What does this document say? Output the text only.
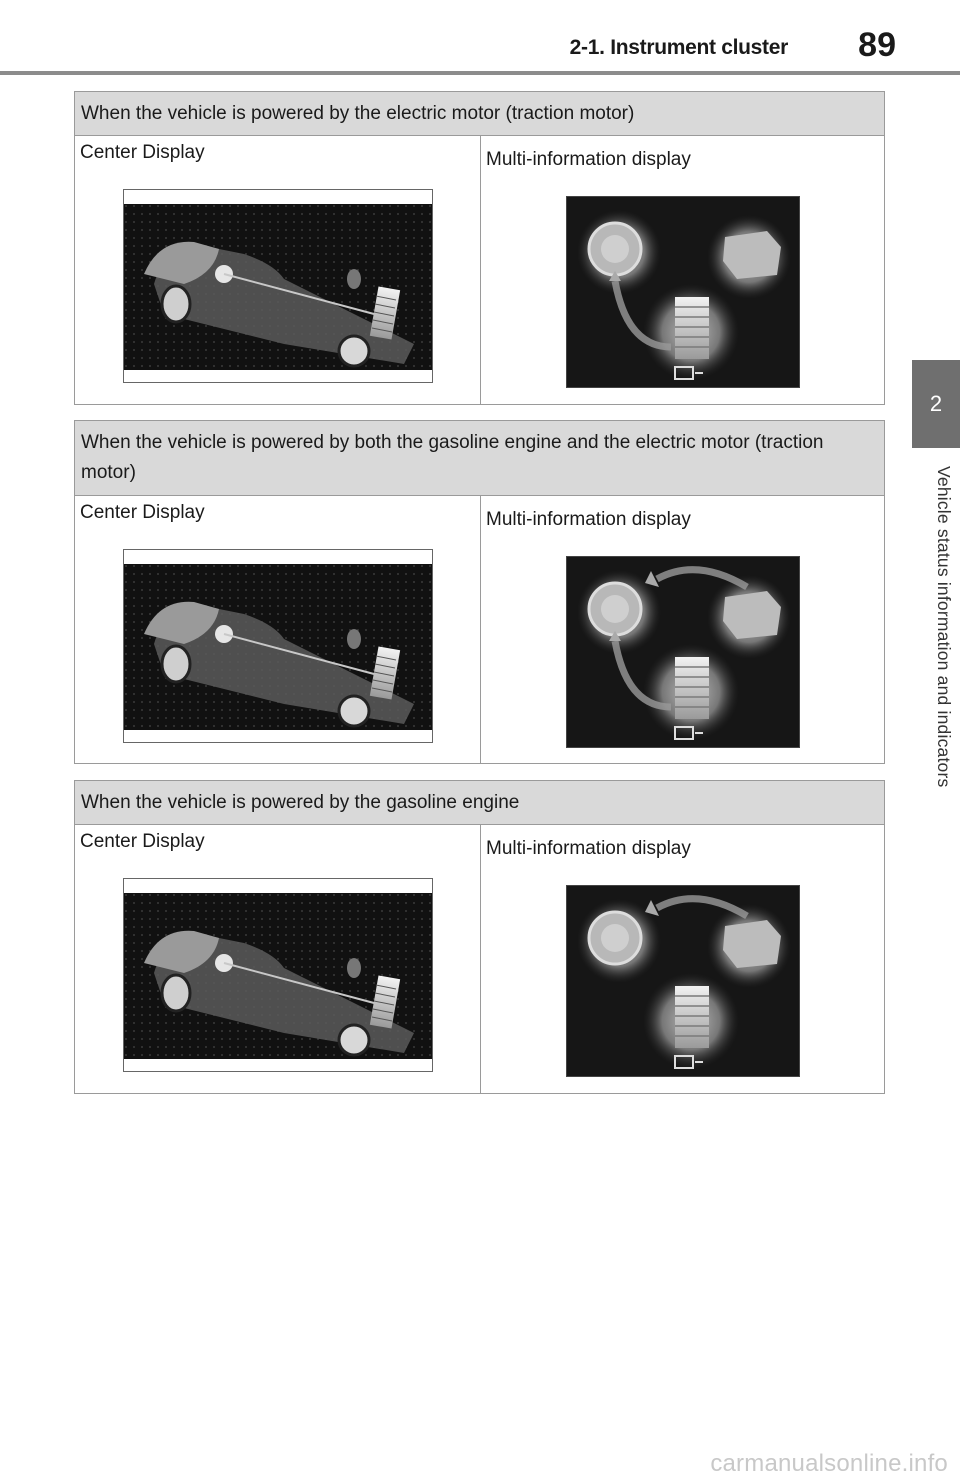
2-1. Instrument cluster 89
2
Vehicle status information and indicators
When the vehicle is powered by the electric motor (traction motor)
Center Display	Multi-information display
When the vehicle is powered by both the gasoline engine and the electric motor (traction motor)
Center Display	Multi-information display
When the vehicle is powered by the gasoline engine
Center Display	Multi-information display
carmanualsonline.info
